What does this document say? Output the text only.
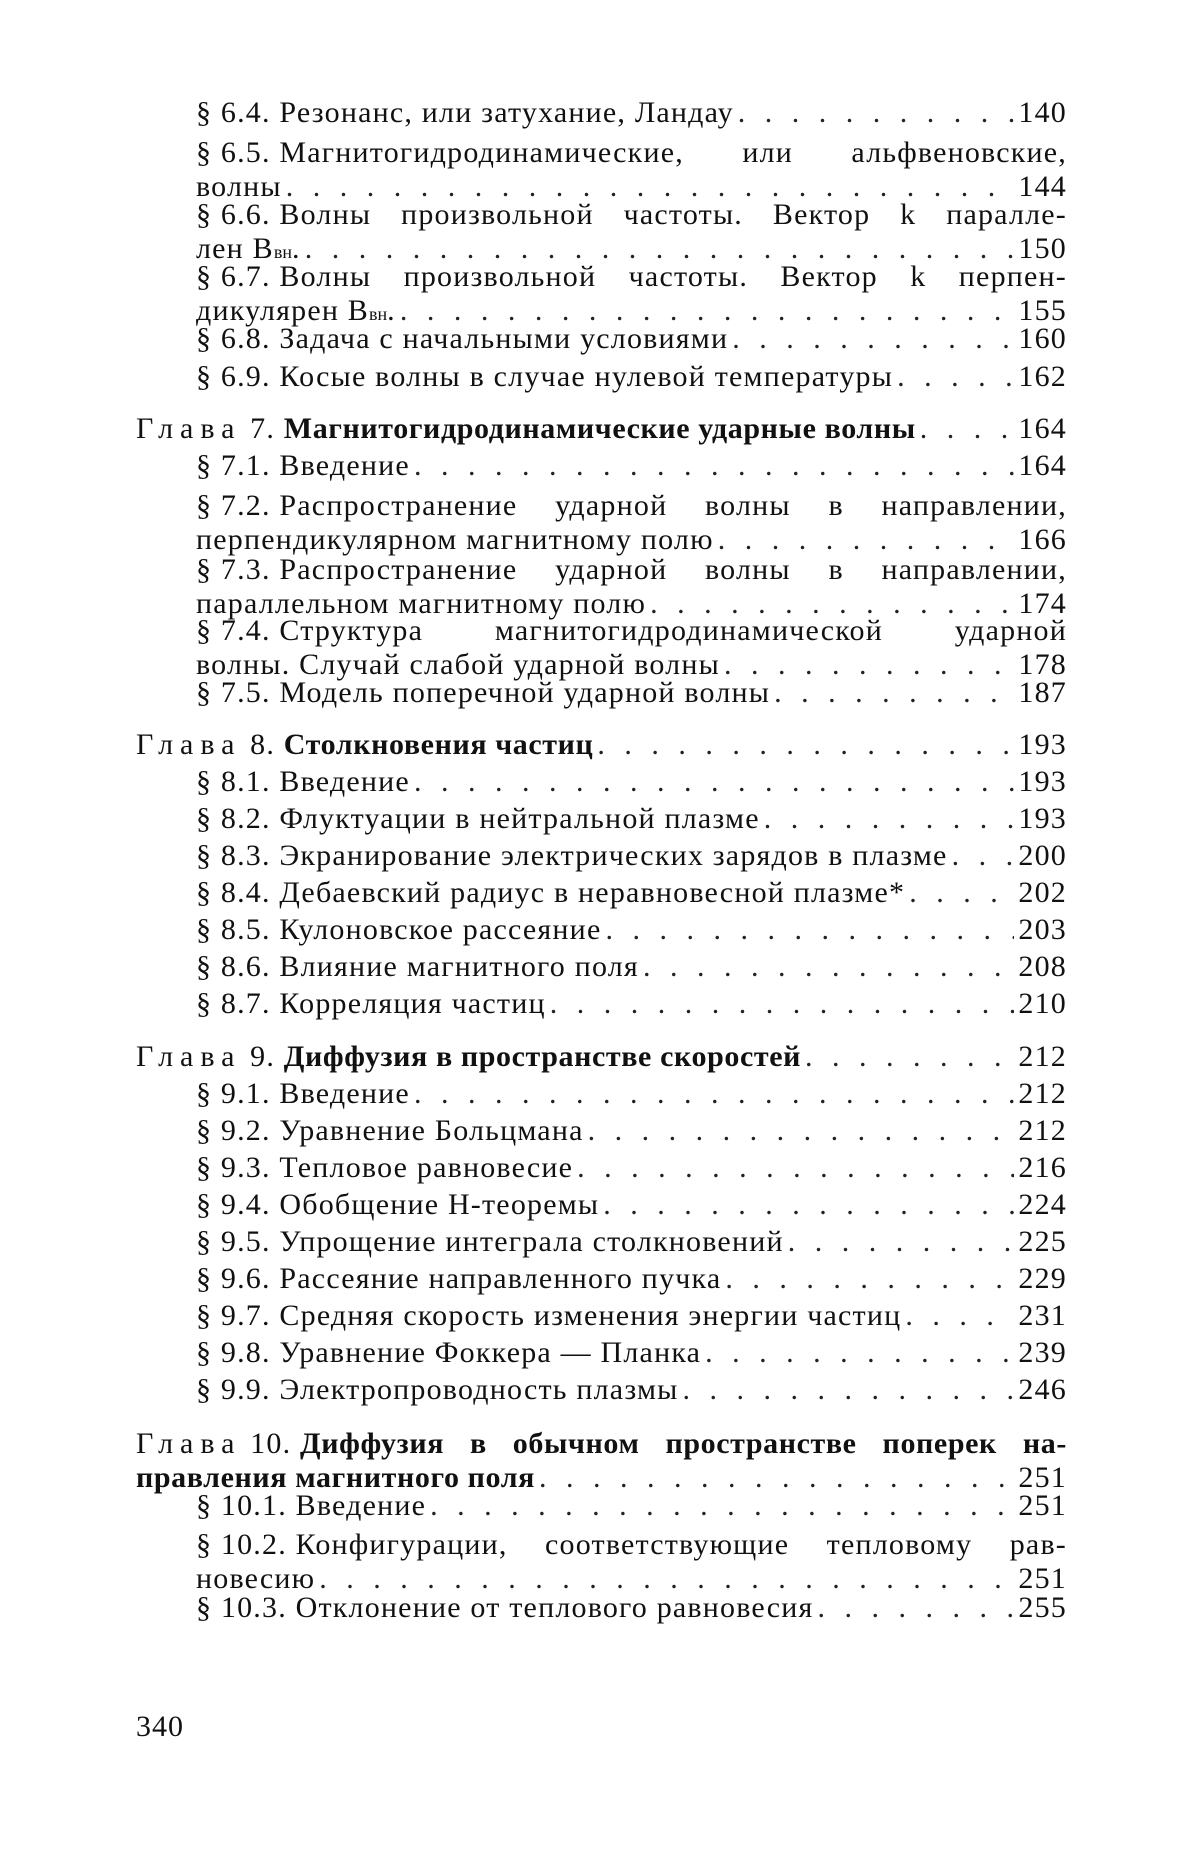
§ 6.4. Резонанс, или затухание, Ландау . . .	140
§ 6.5. Магнитогидродинамические, или альфвеновские,
волны . . .	144
§ 6.6. Волны произвольной частоты. Вектор k паралле-
лен B вн . . . .	150
§ 6.7. Волны произвольной частоты. Вектор k перпен-
дикулярен B вн . . . .	155
§ 6.8. Задача с начальными условиями . . .	160
§ 6.9. Косые волны в случае нулевой температуры . . .	162
Глава 7. Магнитогидродинамические ударные волны . . .	164
§ 7.1. Введение . . .	164
§ 7.2. Распространение ударной волны в направлении,
перпендикулярном магнитному полю . . .	166
§ 7.3. Распространение ударной волны в направлении,
параллельном магнитному полю . . .	174
§ 7.4. Структура магнитогидродинамической ударной
волны. Случай слабой ударной волны . . .	178
§ 7.5. Модель поперечной ударной волны . . .	187
Глава 8. Столкновения частиц . . .	193
§ 8.1. Введение . . .	193
§ 8.2. Флуктуации в нейтральной плазме . . .	193
§ 8.3. Экранирование электрических зарядов в плазме . . . 200
§ 8.4. Дебаевский радиус в неравновесной плазме* . . .	202
§ 8.5. Кулоновское рассеяние . . .	203
§ 8.6. Влияние магнитного поля . . .	208
§ 8.7. Корреляция частиц . . .	210
Глава 9. Диффузия в пространстве скоростей . . .	212
§ 9.1. Введение . . .	212
§ 9.2. Уравнение Больцмана . . .	212
§ 9.3. Тепловое равновесие . . .	216
§ 9.4. Обобщение H-теоремы . . .	224
§ 9.5. Упрощение интеграла столкновений . . .	225
§ 9.6. Рассеяние направленного пучка . . .	229
§ 9.7. Средняя скорость изменения энергии частиц . . .	231
§ 9.8. Уравнение Фоккера — Планка . . .	239
§ 9.9. Электропроводность плазмы . . .	246
Глава 10. Диффузия в обычном пространстве поперек на-
правления магнитного поля . . .	251
§ 10.1. Введение . . .	251
§ 10.2. Конфигурации, соответствующие тепловому рав-
новесию . . .	251
§ 10.3. Отклонение от теплового равновесия . . .	255
340
